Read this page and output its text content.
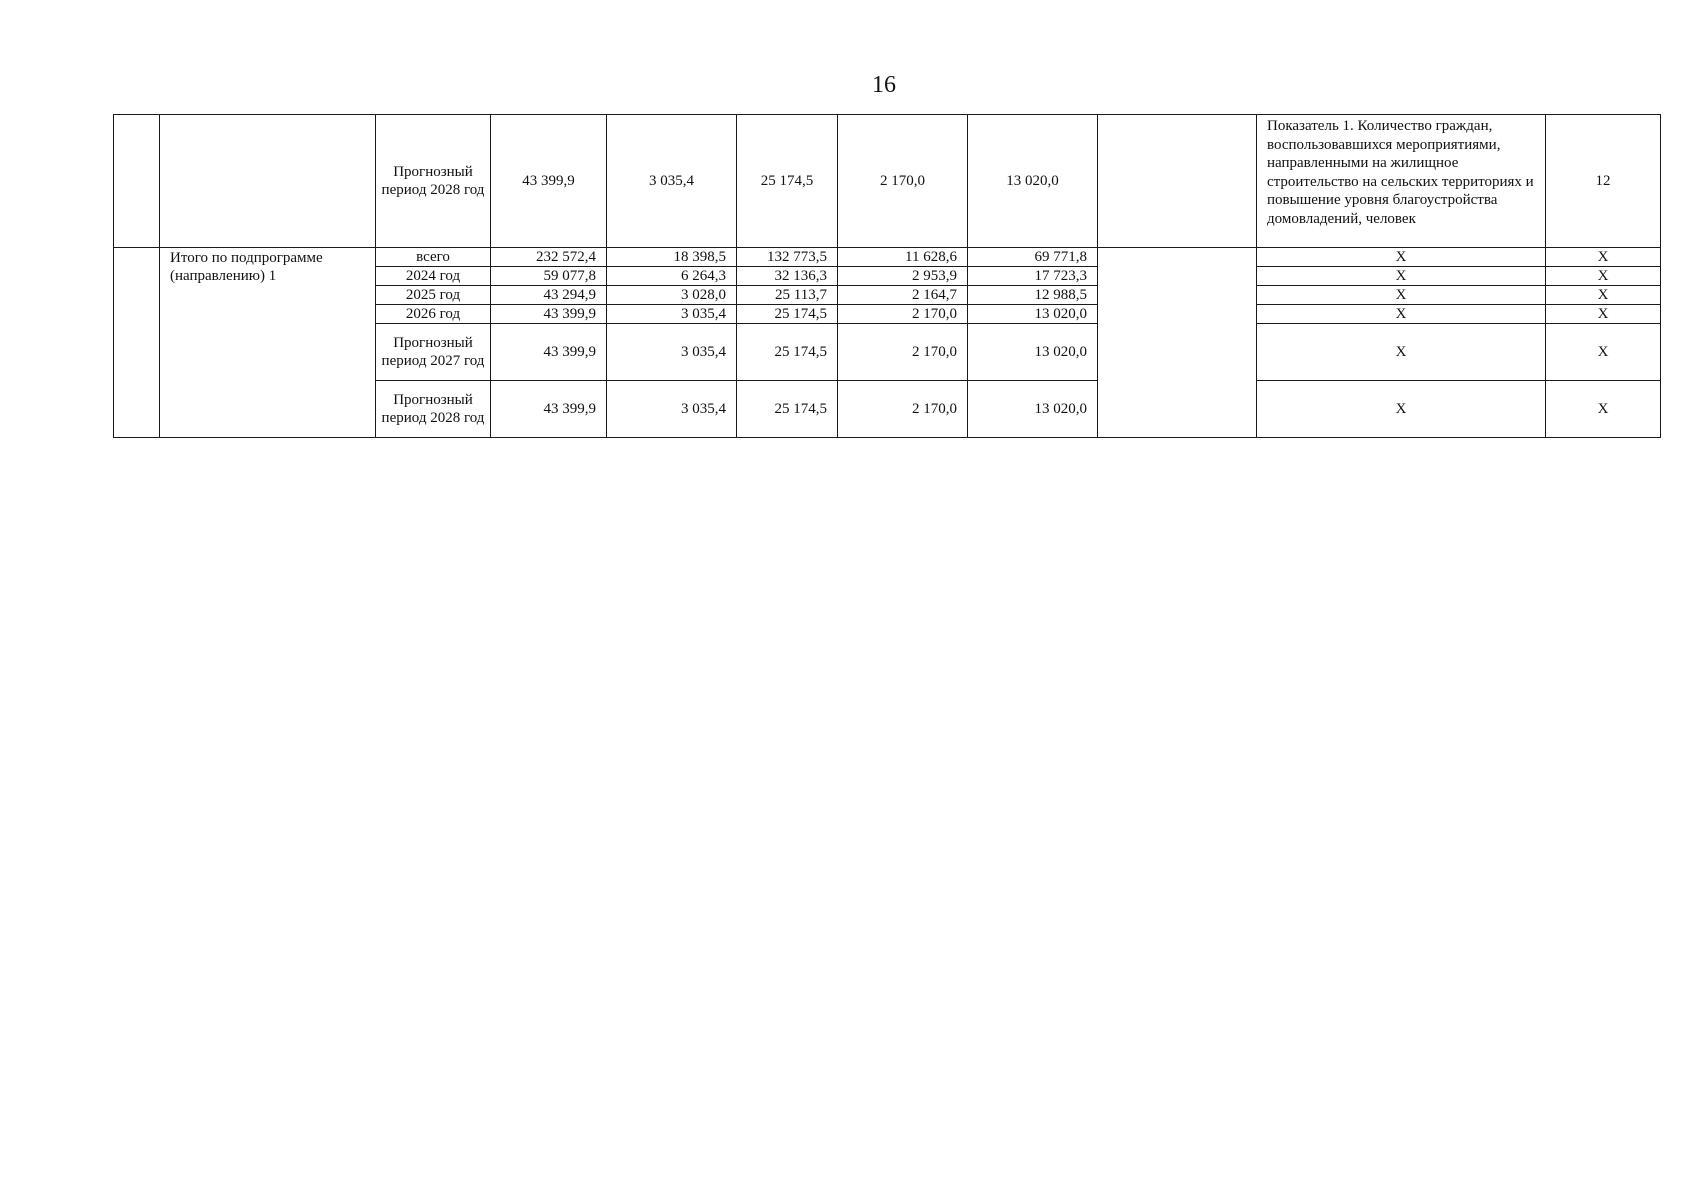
16
		Прогнозный период 2028 год	43 399,9	3 035,4	25 174,5	2 170,0	13 020,0		Показатель 1. Количество граждан, воспользовавшихся мероприятиями, направленными на жилищное строительство на сельских территориях и повышение уровня благоустройства домовладений, человек	12
	Итого по подпрограмме (направлению) 1	всего	232 572,4	18 398,5	132 773,5	11 628,6	69 771,8		Х	Х
		2024 год	59 077,8	6 264,3	32 136,3	2 953,9	17 723,3		Х	Х
		2025 год	43 294,9	3 028,0	25 113,7	2 164,7	12 988,5		Х	Х
		2026 год	43 399,9	3 035,4	25 174,5	2 170,0	13 020,0		Х	Х
		Прогнозный период 2027 год	43 399,9	3 035,4	25 174,5	2 170,0	13 020,0		Х	Х
		Прогнозный период 2028 год	43 399,9	3 035,4	25 174,5	2 170,0	13 020,0		Х	Х
